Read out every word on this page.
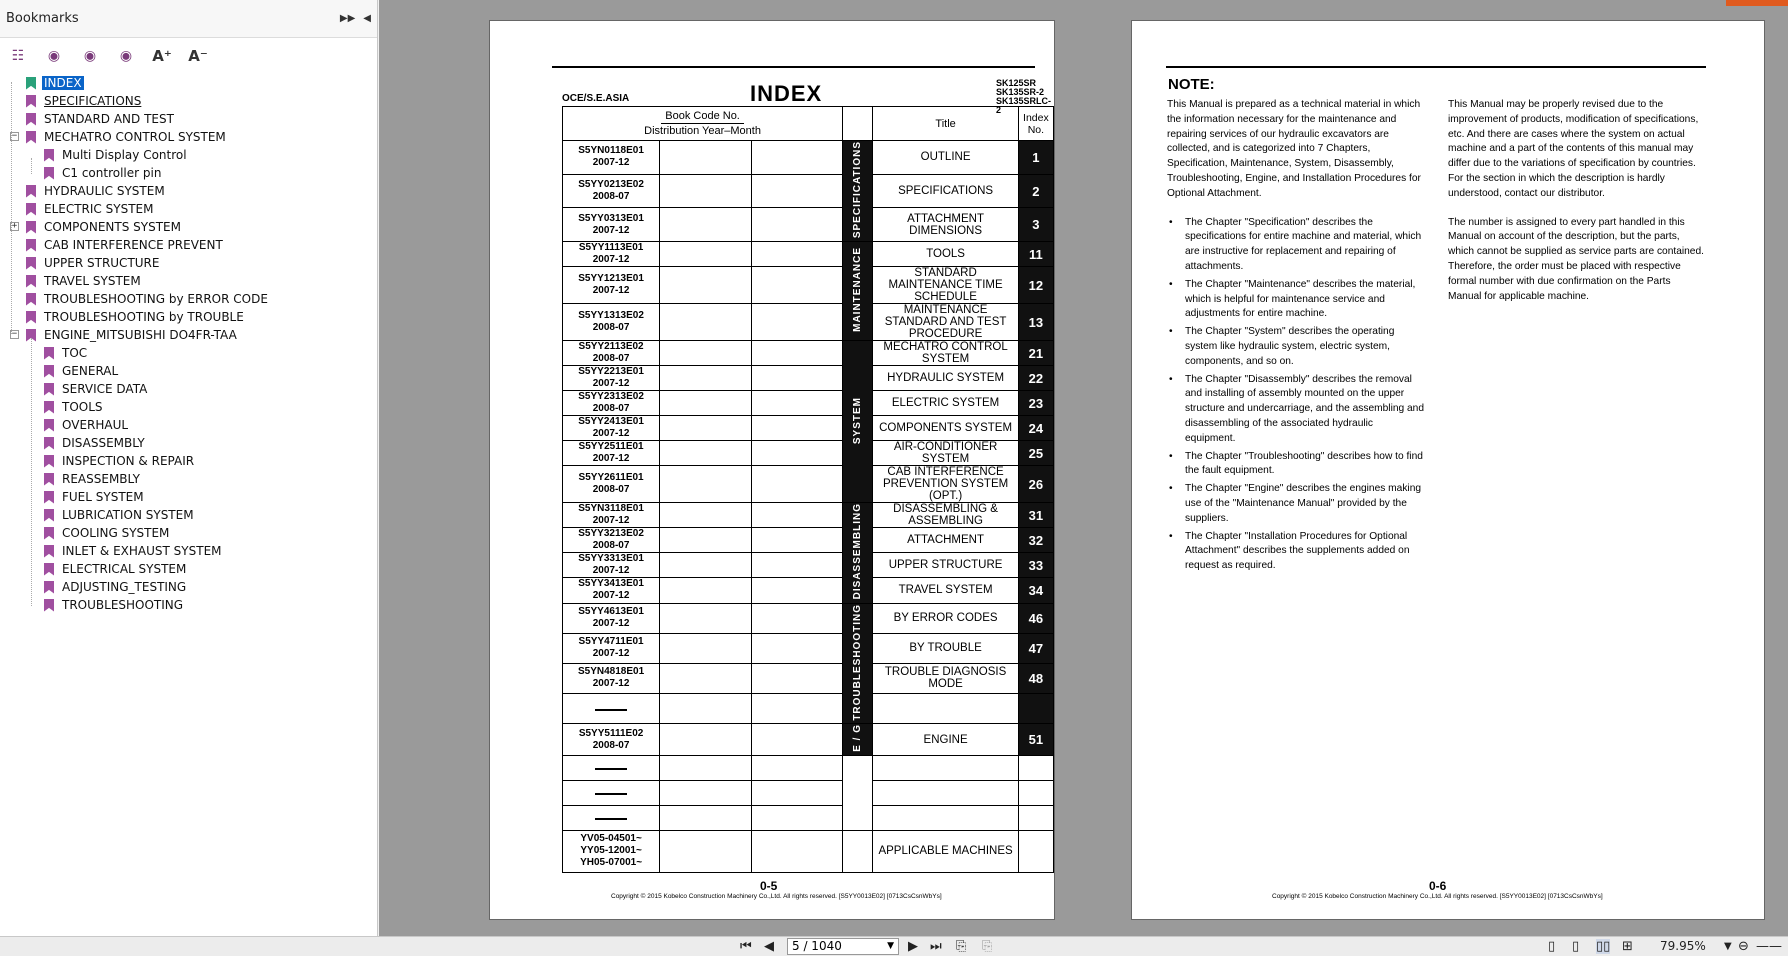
Bookmarks	▶▶ ◀
☷ ◉ ◉ ◉ A⁺ A⁻
INDEX
SPECIFICATIONS
STANDARD AND TEST
− MECHATRO CONTROL SYSTEM
Multi Display Control
C1 controller pin
HYDRAULIC SYSTEM
ELECTRIC SYSTEM
+ COMPONENTS SYSTEM
CAB INTERFERENCE PREVENT
UPPER STRUCTURE
TRAVEL SYSTEM
TROUBLESHOOTING by ERROR CODE
TROUBLESHOOTING by TROUBLE
− ENGINE_MITSUBISHI DO4FR-TAA
TOC
GENERAL
SERVICE DATA
TOOLS
OVERHAUL
DISASSEMBLY
INSPECTION & REPAIR
REASSEMBLY
FUEL SYSTEM
LUBRICATION SYSTEM
COOLING SYSTEM
INLET & EXHAUST SYSTEM
ELECTRICAL SYSTEM
ADJUSTING_TESTING
TROUBLESHOOTING
OCE/S.E.ASIA	INDEX	SK125SR
SK135SR-2
SK135SRLC-2
Book Code No.
Distribution Year–Month				Title	Index
No.

S5YN0118E01
2007-12			SPECIFICATIONS	OUTLINE	1

S5YY0213E02
2008-07				SPECIFICATIONS	2

S5YY0313E01
2007-12				ATTACHMENT DIMENSIONS	3

S5YY1113E01
2007-12			MAINTENANCE	TOOLS	11

S5YY1213E01
2007-12				STANDARD MAINTENANCE TIME SCHEDULE	12

S5YY1313E02
2008-07				MAINTENANCE STANDARD AND TEST PROCEDURE	13

S5YY2113E02
2008-07			SYSTEM	MECHATRO CONTROL SYSTEM	21

S5YY2213E01
2007-12				HYDRAULIC SYSTEM	22

S5YY2313E02
2008-07				ELECTRIC SYSTEM	23

S5YY2413E01
2007-12				COMPONENTS SYSTEM	24

S5YY2511E01
2007-12				AIR-CONDITIONER SYSTEM	25

S5YY2611E01
2008-07				CAB INTERFERENCE PREVENTION SYSTEM (OPT.)	26

S5YN3118E01
2007-12			DISASSEMBLING	DISASSEMBLING & ASSEMBLING	31

S5YY3213E02
2008-07				ATTACHMENT	32

S5YY3313E01
2007-12				UPPER STRUCTURE	33

S5YY3413E01
2007-12				TRAVEL SYSTEM	34

S5YY4613E01
2007-12			TROUBLESHOOTING	BY ERROR CODES	46

S5YY4711E01
2007-12				BY TROUBLE	47

S5YN4818E01
2007-12				TROUBLE DIAGNOSIS MODE	48

S5YY5111E02
2008-07			E / G	ENGINE	51

YV05-04501~
YY05-12001~
YH05-07001~				APPLICABLE MACHINES	
0-5
Copyright © 2015 Kobelco Construction Machinery Co.,Ltd. All rights reserved. [S5YY0013E02] [0713CsCsnWbYs]
NOTE:

This Manual is prepared as a technical material in which the information necessary for the maintenance and repairing services of our hydraulic excavators are collected, and is categorized into 7 Chapters, Specification, Maintenance, System, Disassembly, Troubleshooting, Engine, and Installation Procedures for Optional Attachment.

• The Chapter "Specification" describes the specifications for entire machine and material, which are instructive for replacement and repairing of attachments.
• The Chapter "Maintenance" describes the material, which is helpful for maintenance service and adjustments for entire machine.
• The Chapter "System" describes the operating system like hydraulic system, electric system, components, and so on.
• The Chapter "Disassembly" describes the removal and installing of assembly mounted on the upper structure and undercarriage, and the assembling and disassembling of the associated hydraulic equipment.
• The Chapter "Troubleshooting" describes how to find the fault equipment.
• The Chapter "Engine" describes the engines making use of the "Maintenance Manual" provided by the suppliers.
• The Chapter "Installation Procedures for Optional Attachment" describes the supplements added on request as required.

This Manual may be properly revised due to the improvement of products, modification of specifications, etc. And there are cases where the system on actual machine and a part of the contents of this manual may differ due to the variations of specification by countries. For the section in which the description is hardly understood, contact our distributor.

The number is assigned to every part handled in this Manual on account of the description, but the parts, which cannot be supplied as service parts are contained. Therefore, the order must be placed with respective formal number with due confirmation on the Parts Manual for applicable machine.

0-6
Copyright © 2015 Kobelco Construction Machinery Co.,Ltd. All rights reserved. [S5YY0013E02] [0713CsCsnWbYs]
⏮ ◀	5 / 1040	▼ ▶ ⏭ ⎘ ⎘	▯ ▯ ▯▯ ⊞ 79.95% ▼ ⊖ ——
